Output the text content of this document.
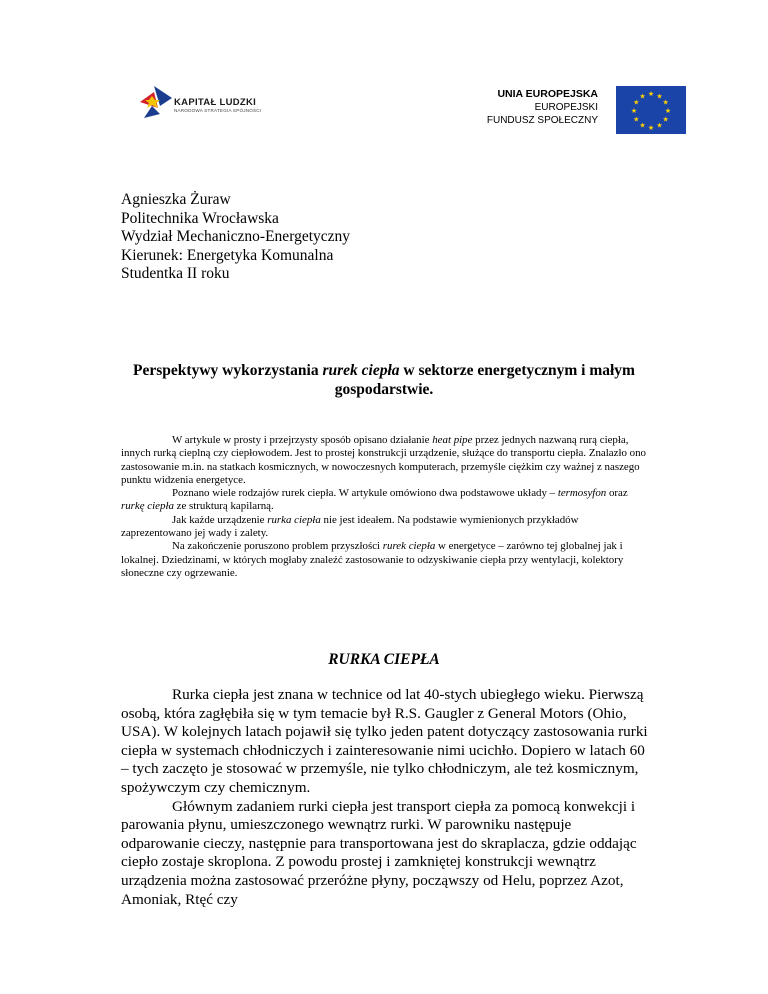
KAPITAŁ LUDZKI
NARODOWA STRATEGIA SPÓJNOŚCI
UNIA EUROPEJSKA
EUROPEJSKI
FUNDUSZ SPOŁECZNY
★ ★
★
★
★
★
★
★
★
★
★
★
Agnieszka Żuraw
Politechnika Wrocławska
Wydział Mechaniczno-Energetyczny
Kierunek: Energetyka Komunalna
Studentka II roku
Perspektywy wykorzystania rurek ciepła w sektorze energetycznym i małym gospodarstwie.

W artykule w prosty i przejrzysty sposób opisano działanie heat pipe przez jednych nazwaną rurą ciepła, innych rurką cieplną czy ciepłowodem. Jest to prostej konstrukcji urządzenie, służące do transportu ciepła. Znalazło ono zastosowanie m.in. na statkach kosmicznych, w nowoczesnych komputerach, przemyśle ciężkim czy ważnej z naszego punktu widzenia energetyce.

Poznano wiele rodzajów rurek ciepła. W artykule omówiono dwa podstawowe układy – termosyfon oraz rurkę ciepła ze strukturą kapilarną.

Jak każde urządzenie rurka ciepła nie jest ideałem. Na podstawie wymienionych przykładów zaprezentowano jej wady i zalety.

Na zakończenie poruszono problem przyszłości rurek ciepła w energetyce – zarówno tej globalnej jak i lokalnej. Dziedzinami, w których mogłaby znaleźć zastosowanie to odzyskiwanie ciepła przy wentylacji, kolektory słoneczne czy ogrzewanie.

RURKA CIEPŁA

Rurka ciepła jest znana w technice od lat 40-stych ubiegłego wieku. Pierwszą osobą, która zagłębiła się w tym temacie był R.S. Gaugler z General Motors (Ohio, USA). W kolejnych latach pojawił się tylko jeden patent dotyczący zastosowania rurki ciepła w systemach chłodniczych i zainteresowanie nimi ucichło. Dopiero w latach 60 – tych zaczęto je stosować w przemyśle, nie tylko chłodniczym, ale też kosmicznym, spożywczym czy chemicznym.

Głównym zadaniem rurki ciepła jest transport ciepła za pomocą konwekcji i parowania płynu, umieszczonego wewnątrz rurki. W parowniku następuje odparowanie cieczy, następnie para transportowana jest do skraplacza, gdzie oddając ciepło zostaje skroplona. Z powodu prostej i zamkniętej konstrukcji wewnątrz urządzenia można zastosować przeróżne płyny, począwszy od Helu, poprzez Azot, Amoniak, Rtęć czy
